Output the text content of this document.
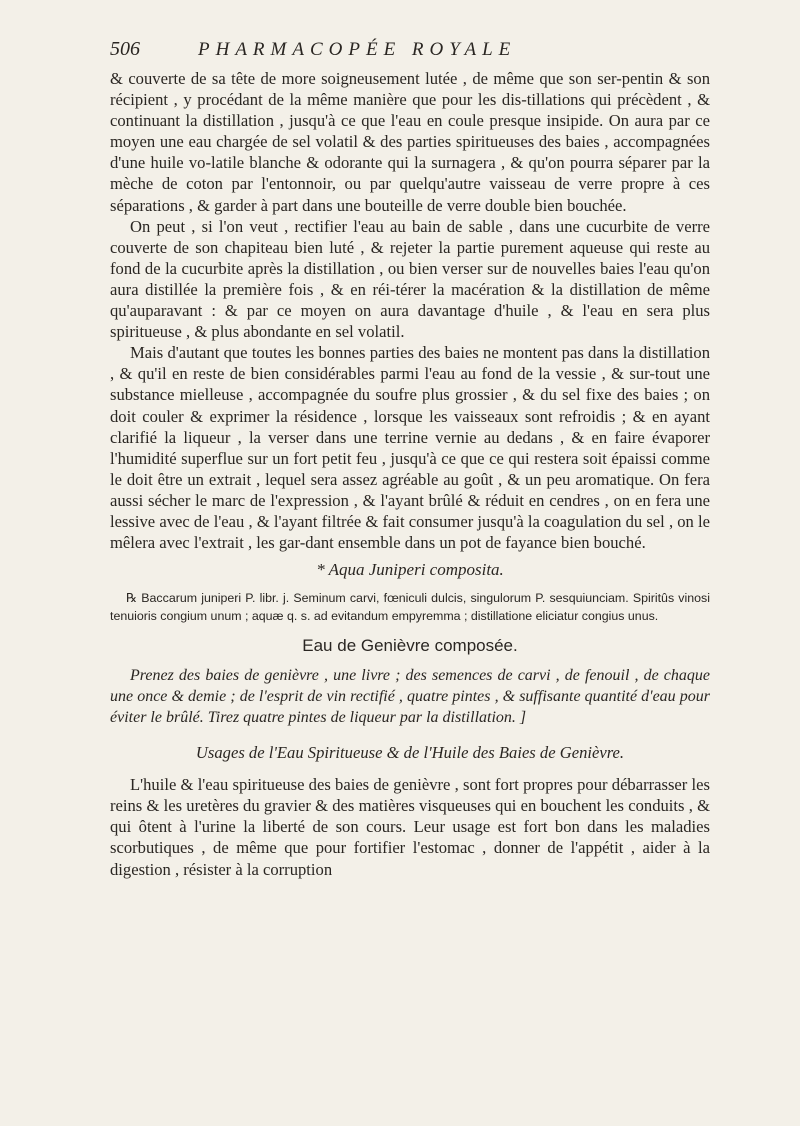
506	PHARMACOPÉE ROYALE

& couverte de sa tête de more soigneusement lutée , de même que son ser-pentin & son récipient , y procédant de la même manière que pour les dis-tillations qui précèdent , & continuant la distillation , jusqu'à ce que l'eau en coule presque insipide. On aura par ce moyen une eau chargée de sel volatil & des parties spiritueuses des baies , accompagnées d'une huile vo-latile blanche & odorante qui la surnagera , & qu'on pourra séparer par la mèche de coton par l'entonnoir, ou par quelqu'autre vaisseau de verre propre à ces séparations , & garder à part dans une bouteille de verre double bien bouchée.

On peut , si l'on veut , rectifier l'eau au bain de sable , dans une cucurbite de verre couverte de son chapiteau bien luté , & rejeter la partie purement aqueuse qui reste au fond de la cucurbite après la distillation , ou bien verser sur de nouvelles baies l'eau qu'on aura distillée la première fois , & en réi-térer la macération & la distillation de même qu'auparavant : & par ce moyen on aura davantage d'huile , & l'eau en sera plus spiritueuse , & plus abondante en sel volatil.

Mais d'autant que toutes les bonnes parties des baies ne montent pas dans la distillation , & qu'il en reste de bien considérables parmi l'eau au fond de la vessie , & sur-tout une substance mielleuse , accompagnée du soufre plus grossier , & du sel fixe des baies ; on doit couler & exprimer la résidence , lorsque les vaisseaux sont refroidis ; & en ayant clarifié la liqueur , la verser dans une terrine vernie au dedans , & en faire évaporer l'humidité superflue sur un fort petit feu , jusqu'à ce que ce qui restera soit épaissi comme le doit être un extrait , lequel sera assez agréable au goût , & un peu aromatique. On fera aussi sécher le marc de l'expression , & l'ayant brûlé & réduit en cendres , on en fera une lessive avec de l'eau , & l'ayant filtrée & fait consumer jusqu'à la coagulation du sel , on le mêlera avec l'extrait , les gar-dant ensemble dans un pot de fayance bien bouché.

* Aqua Juniperi composita.

℞ Baccarum juniperi P. libr. j. Seminum carvi, fœniculi dulcis, singulorum P. sesquiunciam. Spiritûs vinosi tenuioris congium unum ; aquæ q. s. ad evitandum empyremma ; distillatione eliciatur congius unus.

Eau de Genièvre composée.

Prenez des baies de genièvre , une livre ; des semences de carvi , de fenouil , de chaque une once & demie ; de l'esprit de vin rectifié , quatre pintes , & suffisante quantité d'eau pour éviter le brûlé. Tirez quatre pintes de liqueur par la distillation. ]

Usages de l'Eau Spiritueuse & de l'Huile des Baies de Genièvre.

L'huile & l'eau spiritueuse des baies de genièvre , sont fort propres pour débarrasser les reins & les uretères du gravier & des matières visqueuses qui en bouchent les conduits , & qui ôtent à l'urine la liberté de son cours. Leur usage est fort bon dans les maladies scorbutiques , de même que pour fortifier l'estomac , donner de l'appétit , aider à la digestion , résister à la corruption
